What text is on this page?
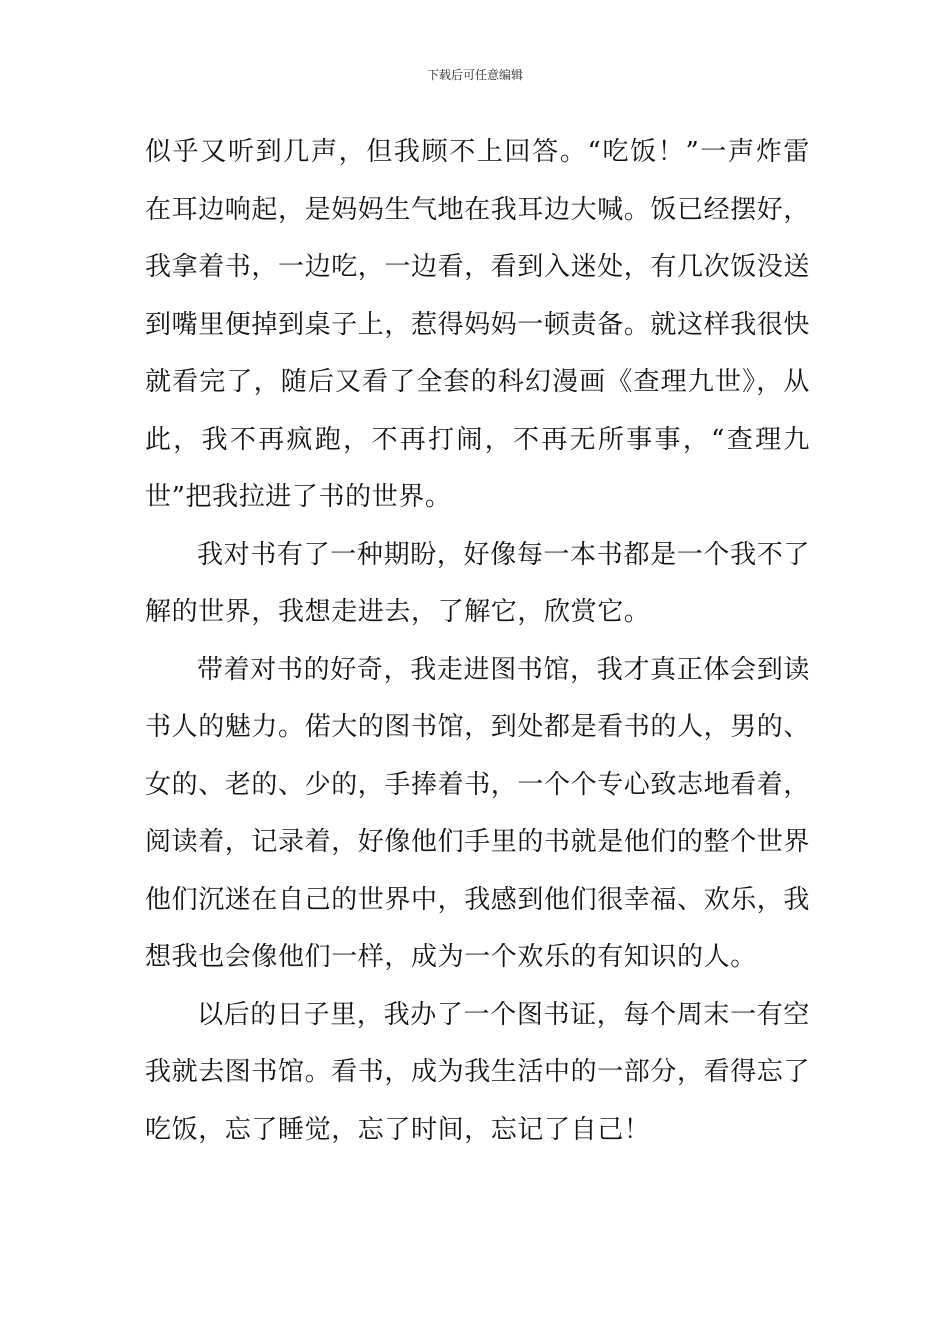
下载后可任意编辑
似乎又听到几声，但我顾不上回答。“吃饭！”一声炸雷
在耳边响起，是妈妈生气地在我耳边大喊。饭已经摆好，
我拿着书，一边吃，一边看，看到入迷处，有几次饭没送
到嘴里便掉到桌子上，惹得妈妈一顿责备。就这样我很快
就看完了，随后又看了全套的科幻漫画《查理九世》，从
此，我不再疯跑，不再打闹，不再无所事事，“查理九
世”把我拉进了书的世界。
我对书有了一种期盼，好像每一本书都是一个我不了
解的世界，我想走进去，了解它，欣赏它。
带着对书的好奇，我走进图书馆，我才真正体会到读
书人的魅力。偌大的图书馆，到处都是看书的人，男的、
女的、老的、少的，手捧着书，一个个专心致志地看着，
阅读着，记录着，好像他们手里的书就是他们的整个世界
他们沉迷在自己的世界中，我感到他们很幸福、欢乐，我
想我也会像他们一样，成为一个欢乐的有知识的人。
以后的日子里，我办了一个图书证，每个周末一有空
我就去图书馆。看书，成为我生活中的一部分，看得忘了
吃饭，忘了睡觉，忘了时间，忘记了自己！
